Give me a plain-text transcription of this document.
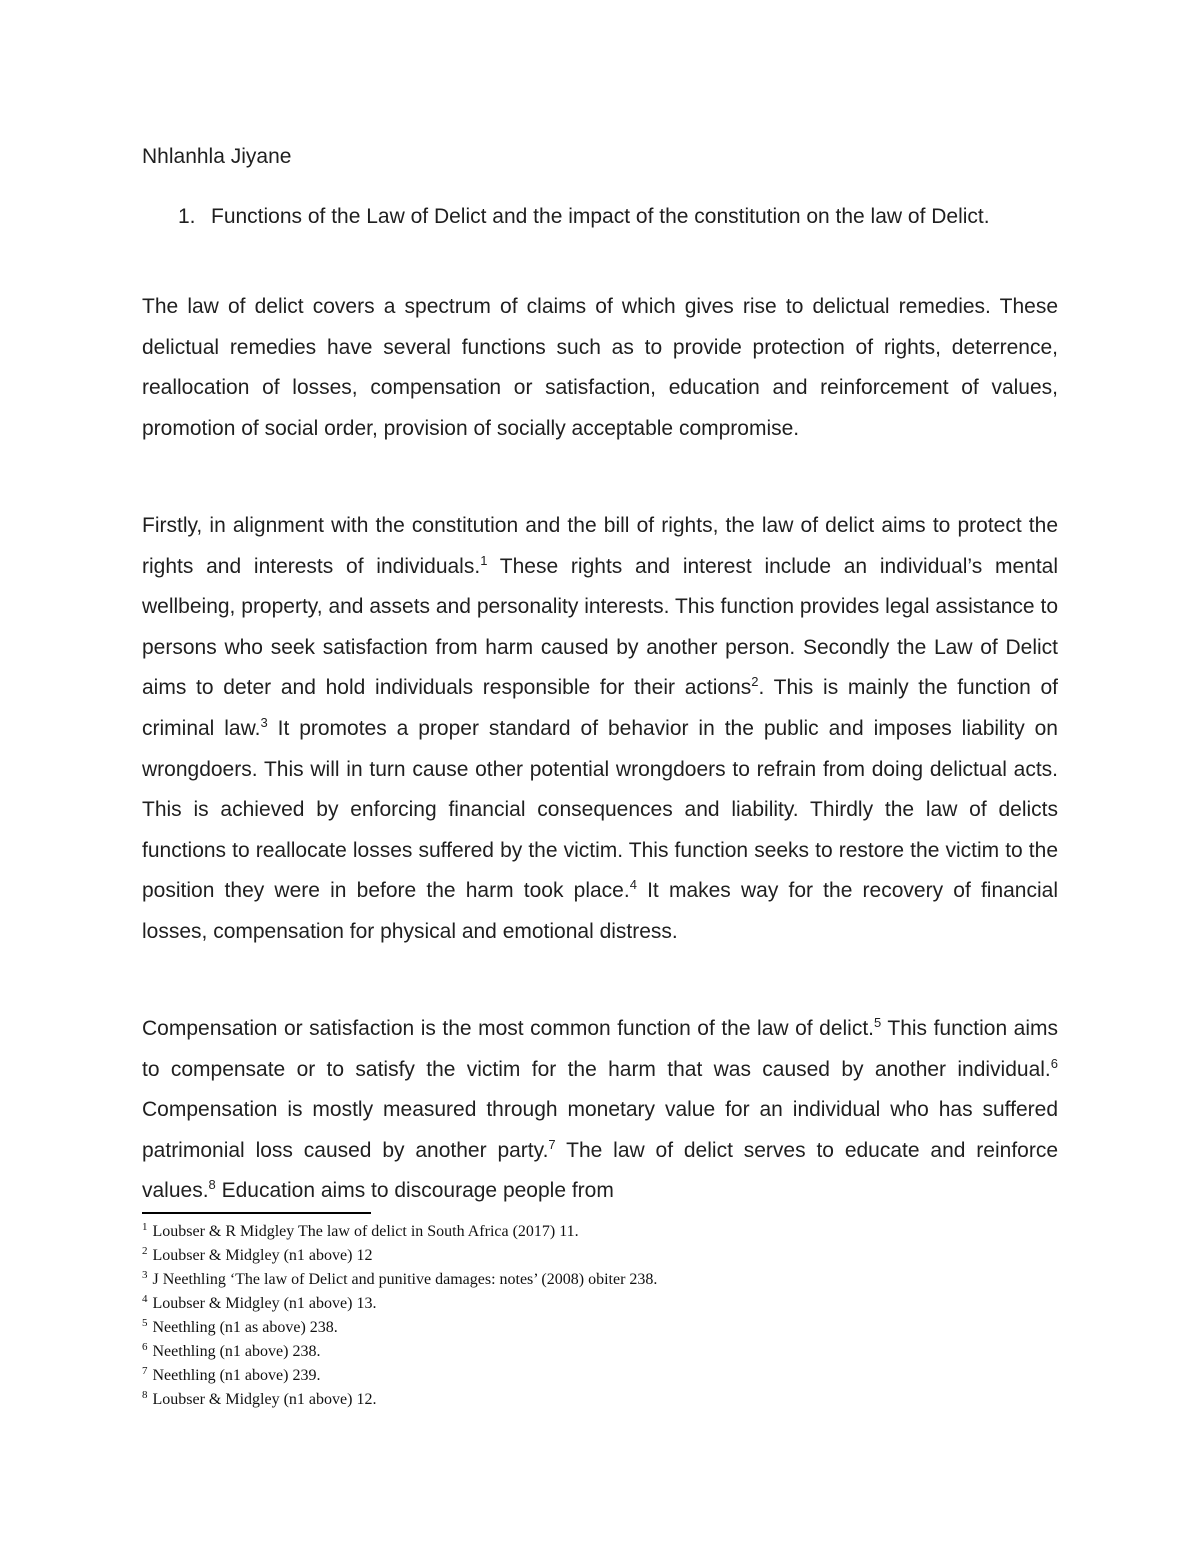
Nhlanhla Jiyane

1. Functions of the Law of Delict and the impact of the constitution on the law of Delict.

The law of delict covers a spectrum of claims of which gives rise to delictual remedies. These delictual remedies have several functions such as to provide protection of rights, deterrence, reallocation of losses, compensation or satisfaction, education and reinforcement of values, promotion of social order, provision of socially acceptable compromise.

Firstly, in alignment with the constitution and the bill of rights, the law of delict aims to protect the rights and interests of individuals.$^1$ These rights and interest include an individual’s mental wellbeing, property, and assets and personality interests. This function provides legal assistance to persons who seek satisfaction from harm caused by another person. Secondly the Law of Delict aims to deter and hold individuals responsible for their actions$^2$. This is mainly the function of criminal law.$^3$ It promotes a proper standard of behavior in the public and imposes liability on wrongdoers. This will in turn cause other potential wrongdoers to refrain from doing delictual acts. This is achieved by enforcing financial consequences and liability. Thirdly the law of delicts functions to reallocate losses suffered by the victim. This function seeks to restore the victim to the position they were in before the harm took place.$^4$ It makes way for the recovery of financial losses, compensation for physical and emotional distress.

Compensation or satisfaction is the most common function of the law of delict.$^5$ This function aims to compensate or to satisfy the victim for the harm that was caused by another individual.$^6$ Compensation is mostly measured through monetary value for an individual who has suffered patrimonial loss caused by another party.$^7$ The law of delict serves to educate and reinforce values.$^8$ Education aims to discourage people from

$^1$ Loubser & R Midgley The law of delict in South Africa (2017) 11.
$^2$ Loubser & Midgley (n1 above) 12
$^3$ J Neethling ‘The law of Delict and punitive damages: notes’ (2008) obiter 238.
$^4$ Loubser & Midgley (n1 above) 13.
$^5$ Neethling (n1 as above) 238.
$^6$ Neethling (n1 above) 238.
$^7$ Neethling (n1 above) 239.
$^8$ Loubser & Midgley (n1 above) 12.
